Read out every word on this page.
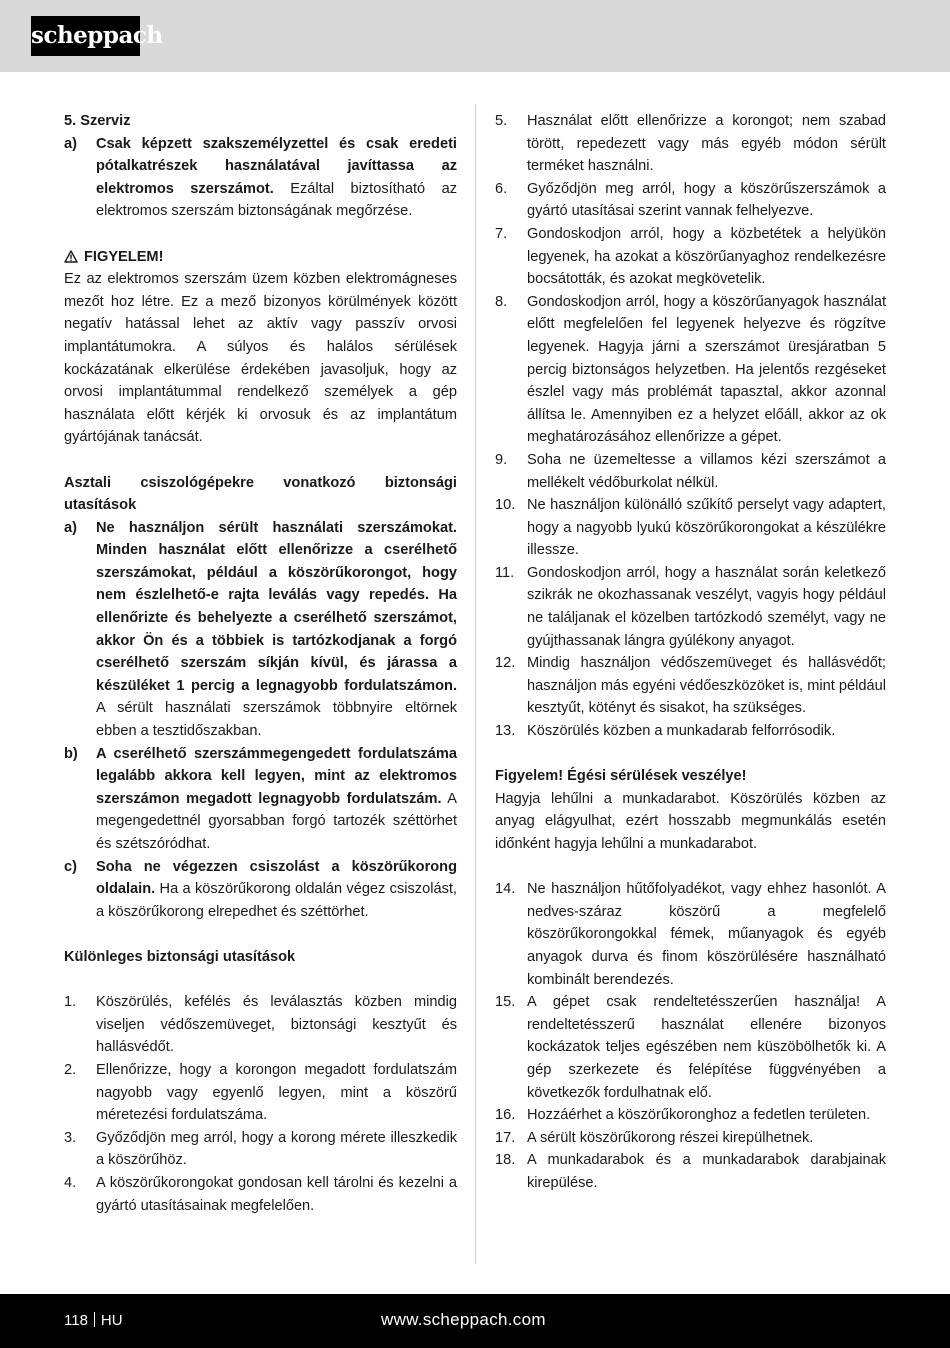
scheppach

5. Szerviz

a)	Csak képzett szakszemélyzettel és csak eredeti pótalkatrészek használatával javíttassa az elektromos szerszámot. Ezáltal biztosítható az elektromos szerszám biztonságának megőrzése.
FIGYELEM!

Ez az elektromos szerszám üzem közben elektromágneses mezőt hoz létre. Ez a mező bizonyos körülmények között negatív hatással lehet az aktív vagy passzív orvosi implantátumokra. A súlyos és halálos sérülések kockázatának elkerülése érdekében javasoljuk, hogy az orvosi implantátummal rendelkező személyek a gép használata előtt kérjék ki orvosuk és az implantátum gyártójának tanácsát.

Asztali csiszológépekre vonatkozó biztonsági utasítások

a)	Ne használjon sérült használati szerszámokat. Minden használat előtt ellenőrizze a cserélhető szerszámokat, például a köszörűkorongot, hogy nem észlelhető-e rajta leválás vagy repedés. Ha ellenőrizte és behelyezte a cserélhető szerszámot, akkor Ön és a többiek is tartózkodjanak a forgó cserélhető szerszám síkján kívül, és járassa a készüléket 1 percig a legnagyobb fordulatszámon. A sérült használati szerszámok többnyire eltörnek ebben a tesztidőszakban.
b)	A cserélhető szerszámmegengedett fordulatszáma legalább akkora kell legyen, mint az elektromos szerszámon megadott legnagyobb fordulatszám. A megengedettnél gyorsabban forgó tartozék széttörhet és szétszóródhat.
c)	Soha ne végezzen csiszolást a köszörűkorong oldalain. Ha a köszörűkorong oldalán végez csiszolást, a köszörűkorong elrepedhet és széttörhet.

Különleges biztonsági utasítások

1.	Köszörülés, kefélés és leválasztás közben mindig viseljen védőszemüveget, biztonsági kesztyűt és hallásvédőt.
2.	Ellenőrizze, hogy a korongon megadott fordulatszám nagyobb vagy egyenlő legyen, mint a köszörű méretezési fordulatszáma.
3.	Győződjön meg arról, hogy a korong mérete illeszkedik a köszörűhöz.
4.	A köszörűkorongokat gondosan kell tárolni és kezelni a gyártó utasításainak megfelelően.
5.	Használat előtt ellenőrizze a korongot; nem szabad törött, repedezett vagy más egyéb módon sérült terméket használni.
6.	Győződjön meg arról, hogy a köszörűszerszámok a gyártó utasításai szerint vannak felhelyezve.
7.	Gondoskodjon arról, hogy a közbetétek a helyükön legyenek, ha azokat a köszörűanyaghoz rendelkezésre bocsátották, és azokat megkövetelik.
8.	Gondoskodjon arról, hogy a köszörűanyagok használat előtt megfelelően fel legyenek helyezve és rögzítve legyenek. Hagyja járni a szerszámot üresjáratban 5 percig biztonságos helyzetben. Ha jelentős rezgéseket észlel vagy más problémát tapasztal, akkor azonnal állítsa le. Amennyiben ez a helyzet előáll, akkor az ok meghatározásához ellenőrizze a gépet.
9.	Soha ne üzemeltesse a villamos kézi szerszámot a mellékelt védőburkolat nélkül.
10. Ne használjon különálló szűkítő perselyt vagy adaptert, hogy a nagyobb lyukú köszörűkorongokat a készülékre illessze.
11. Gondoskodjon arról, hogy a használat során keletkező szikrák ne okozhassanak veszélyt, vagyis hogy például ne találjanak el közelben tartózkodó személyt, vagy ne gyújthassanak lángra gyúlékony anyagot.
12. Mindig használjon védőszemüveget és hallásvédőt; használjon más egyéni védőeszközöket is, mint például kesztyűt, kötényt és sisakot, ha szükséges.
13. Köszörülés közben a munkadarab felforrósodik.

Figyelem! Égési sérülések veszélye!

Hagyja lehűlni a munkadarabot. Köszörülés közben az anyag elágyulhat, ezért hosszabb megmunkálás esetén időnként hagyja lehűlni a munkadarabot.

14. Ne használjon hűtőfolyadékot, vagy ehhez hasonlót. A nedves-száraz köszörű a megfelelő köszörűkorongokkal fémek, műanyagok és egyéb anyagok durva és finom köszörülésére használható kombinált berendezés.
15. A gépet csak rendeltetésszerűen használja! A rendeltetésszerű használat ellenére bizonyos kockázatok teljes egészében nem küszöbölhetők ki. A gép szerkezete és felépítése függvényében a következők fordulhatnak elő.
16. Hozzáérhet a köszörűkoronghoz a fedetlen területen.
17. A sérült köszörűkorong részei kirepülhetnek.
18. A munkadarabok és a munkadarabok darabjainak kirepülése.
118 HU	www.scheppach.com
